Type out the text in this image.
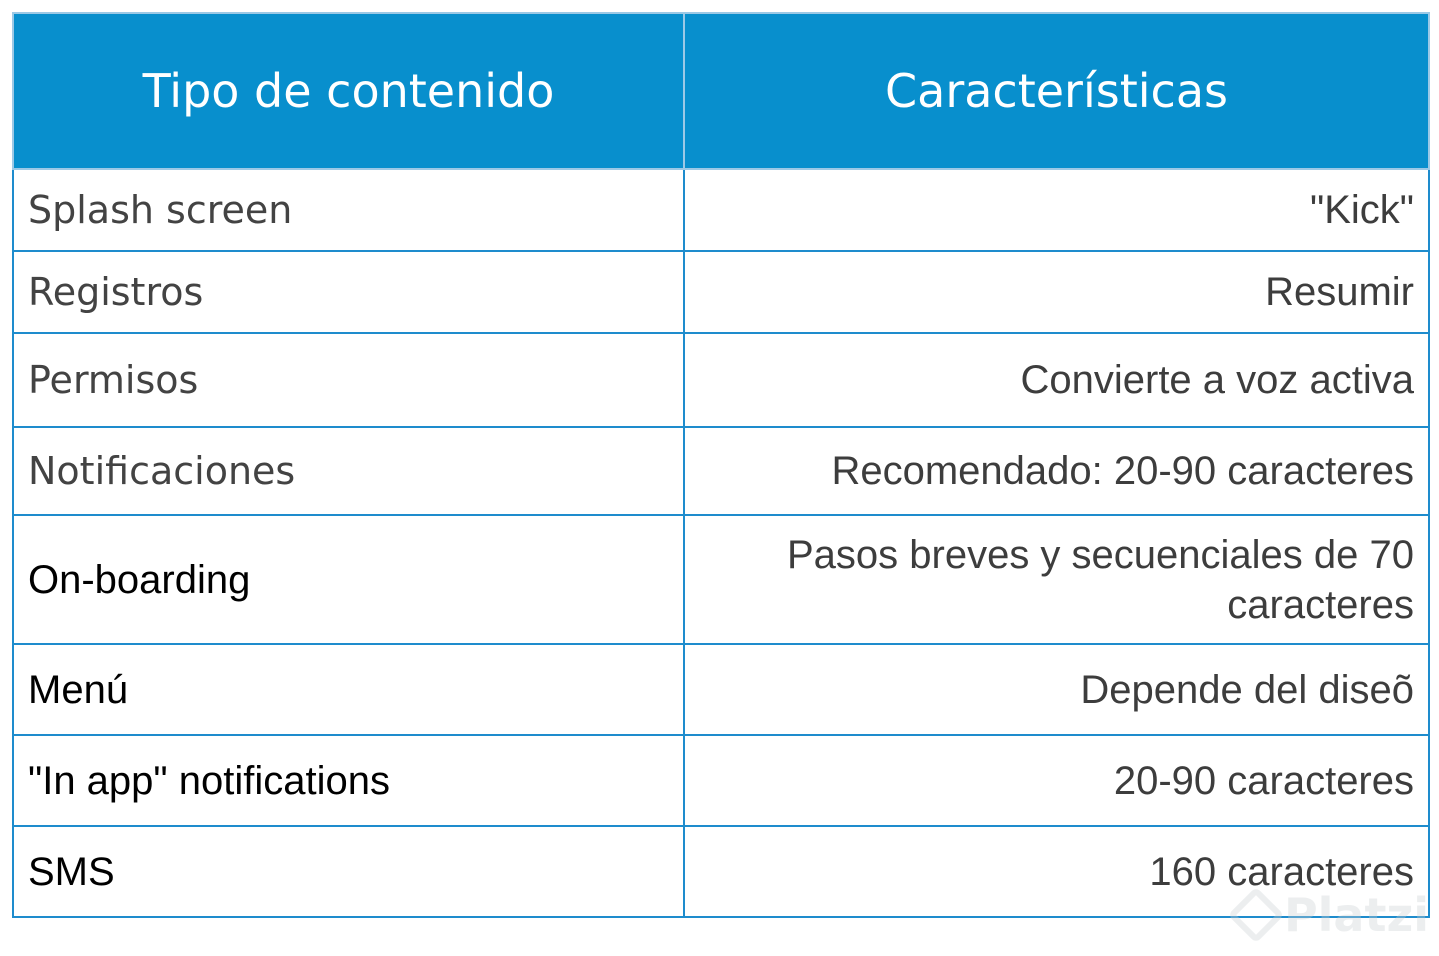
Tipo de contenido	Características
Splash screen	"Kick"
Registros	Resumir
Permisos	Convierte a voz activa
Notificaciones	Recomendado: 20-90 caracteres
On-boarding	Pasos breves y secuenciales de 70 caracteres
Menú	Depende del diseõ
"In app" notifications	20-90 caracteres
SMS	160 caracteres
Platzi
